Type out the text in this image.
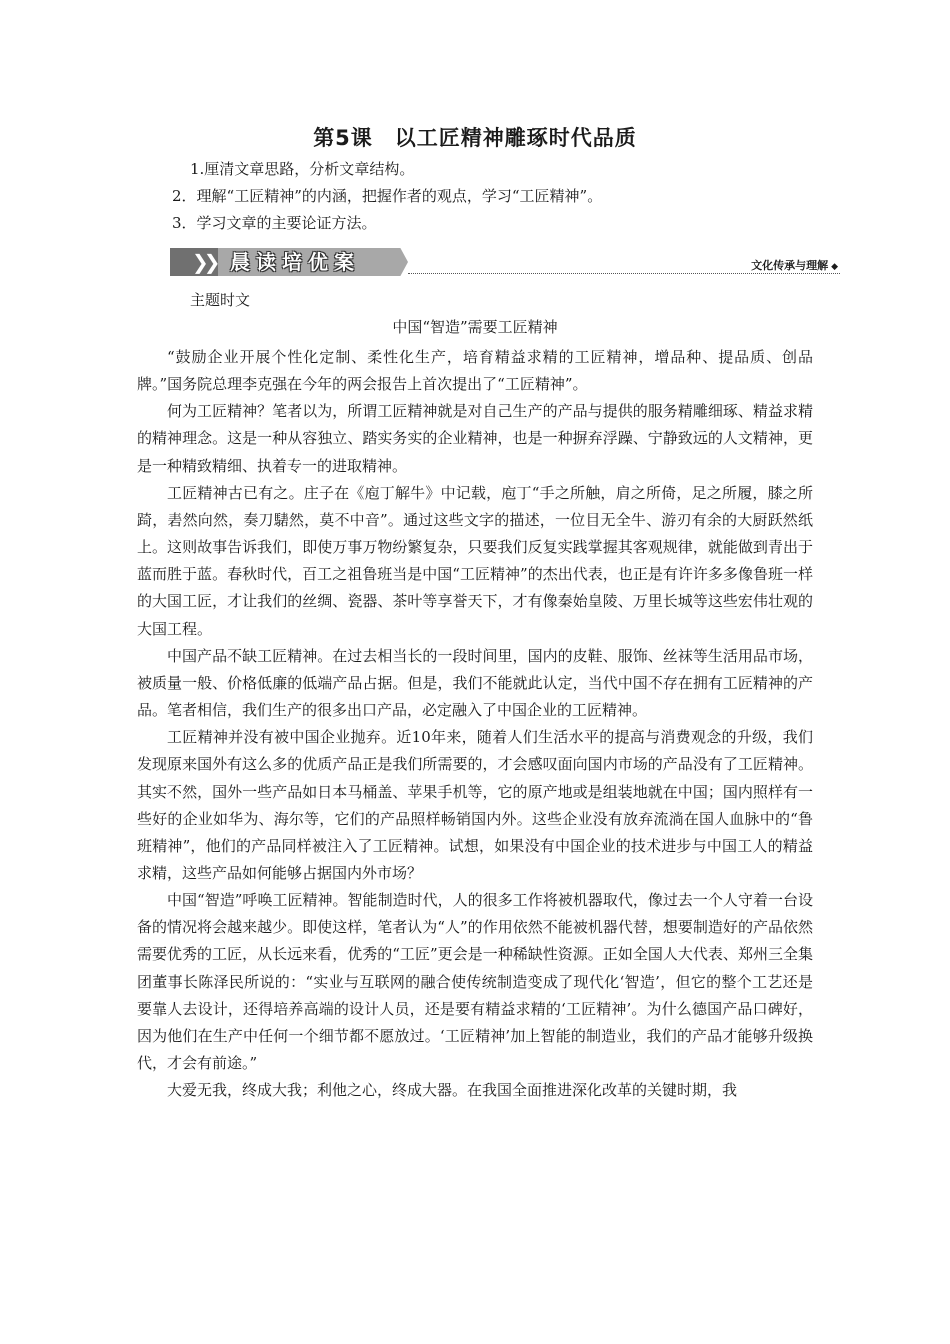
第5课　以工匠精神雕琢时代品质
1.厘清文章思路，分析文章结构。
2．理解“工匠精神”的内涵，把握作者的观点，学习“工匠精神”。
3．学习文章的主要论证方法。
❯❯ 晨读培优案	文化传承与理解 ◆
主题时文
中国“智造”需要工匠精神

“鼓励企业开展个性化定制、柔性化生产，培育精益求精的工匠精神，增品种、提品质、创品牌。”国务院总理李克强在今年的两会报告上首次提出了“工匠精神”。

何为工匠精神？笔者以为，所谓工匠精神就是对自己生产的产品与提供的服务精雕细琢、精益求精的精神理念。这是一种从容独立、踏实务实的企业精神，也是一种摒弃浮躁、宁静致远的人文精神，更是一种精致精细、执着专一的进取精神。

工匠精神古已有之。庄子在《庖丁解牛》中记载，庖丁“手之所触，肩之所倚，足之所履，膝之所踦，砉然向然，奏刀騞然，莫不中音”。通过这些文字的描述，一位目无全牛、游刃有余的大厨跃然纸上。这则故事告诉我们，即使万事万物纷繁复杂，只要我们反复实践掌握其客观规律，就能做到青出于蓝而胜于蓝。春秋时代，百工之祖鲁班当是中国“工匠精神”的杰出代表，也正是有许许多多像鲁班一样的大国工匠，才让我们的丝绸、瓷器、茶叶等享誉天下，才有像秦始皇陵、万里长城等这些宏伟壮观的大国工程。

中国产品不缺工匠精神。在过去相当长的一段时间里，国内的皮鞋、服饰、丝袜等生活用品市场，被质量一般、价格低廉的低端产品占据。但是，我们不能就此认定，当代中国不存在拥有工匠精神的产品。笔者相信，我们生产的很多出口产品，必定融入了中国企业的工匠精神。

工匠精神并没有被中国企业抛弃。近10年来，随着人们生活水平的提高与消费观念的升级，我们发现原来国外有这么多的优质产品正是我们所需要的，才会感叹面向国内市场的产品没有了工匠精神。其实不然，国外一些产品如日本马桶盖、苹果手机等，它的原产地或是组装地就在中国；国内照样有一些好的企业如华为、海尔等，它们的产品照样畅销国内外。这些企业没有放弃流淌在国人血脉中的“鲁班精神”，他们的产品同样被注入了工匠精神。试想，如果没有中国企业的技术进步与中国工人的精益求精，这些产品如何能够占据国内外市场？

中国“智造”呼唤工匠精神。智能制造时代，人的很多工作将被机器取代，像过去一个人守着一台设备的情况将会越来越少。即使这样，笔者认为“人”的作用依然不能被机器代替，想要制造好的产品依然需要优秀的工匠，从长远来看，优秀的“工匠”更会是一种稀缺性资源。正如全国人大代表、郑州三全集团董事长陈泽民所说的：“实业与互联网的融合使传统制造变成了现代化‘智造’，但它的整个工艺还是要靠人去设计，还得培养高端的设计人员，还是要有精益求精的‘工匠精神’。为什么德国产品口碑好，因为他们在生产中任何一个细节都不愿放过。‘工匠精神’加上智能的制造业，我们的产品才能够升级换代，才会有前途。”

大爱无我，终成大我；利他之心，终成大器。在我国全面推进深化改革的关键时期，我
